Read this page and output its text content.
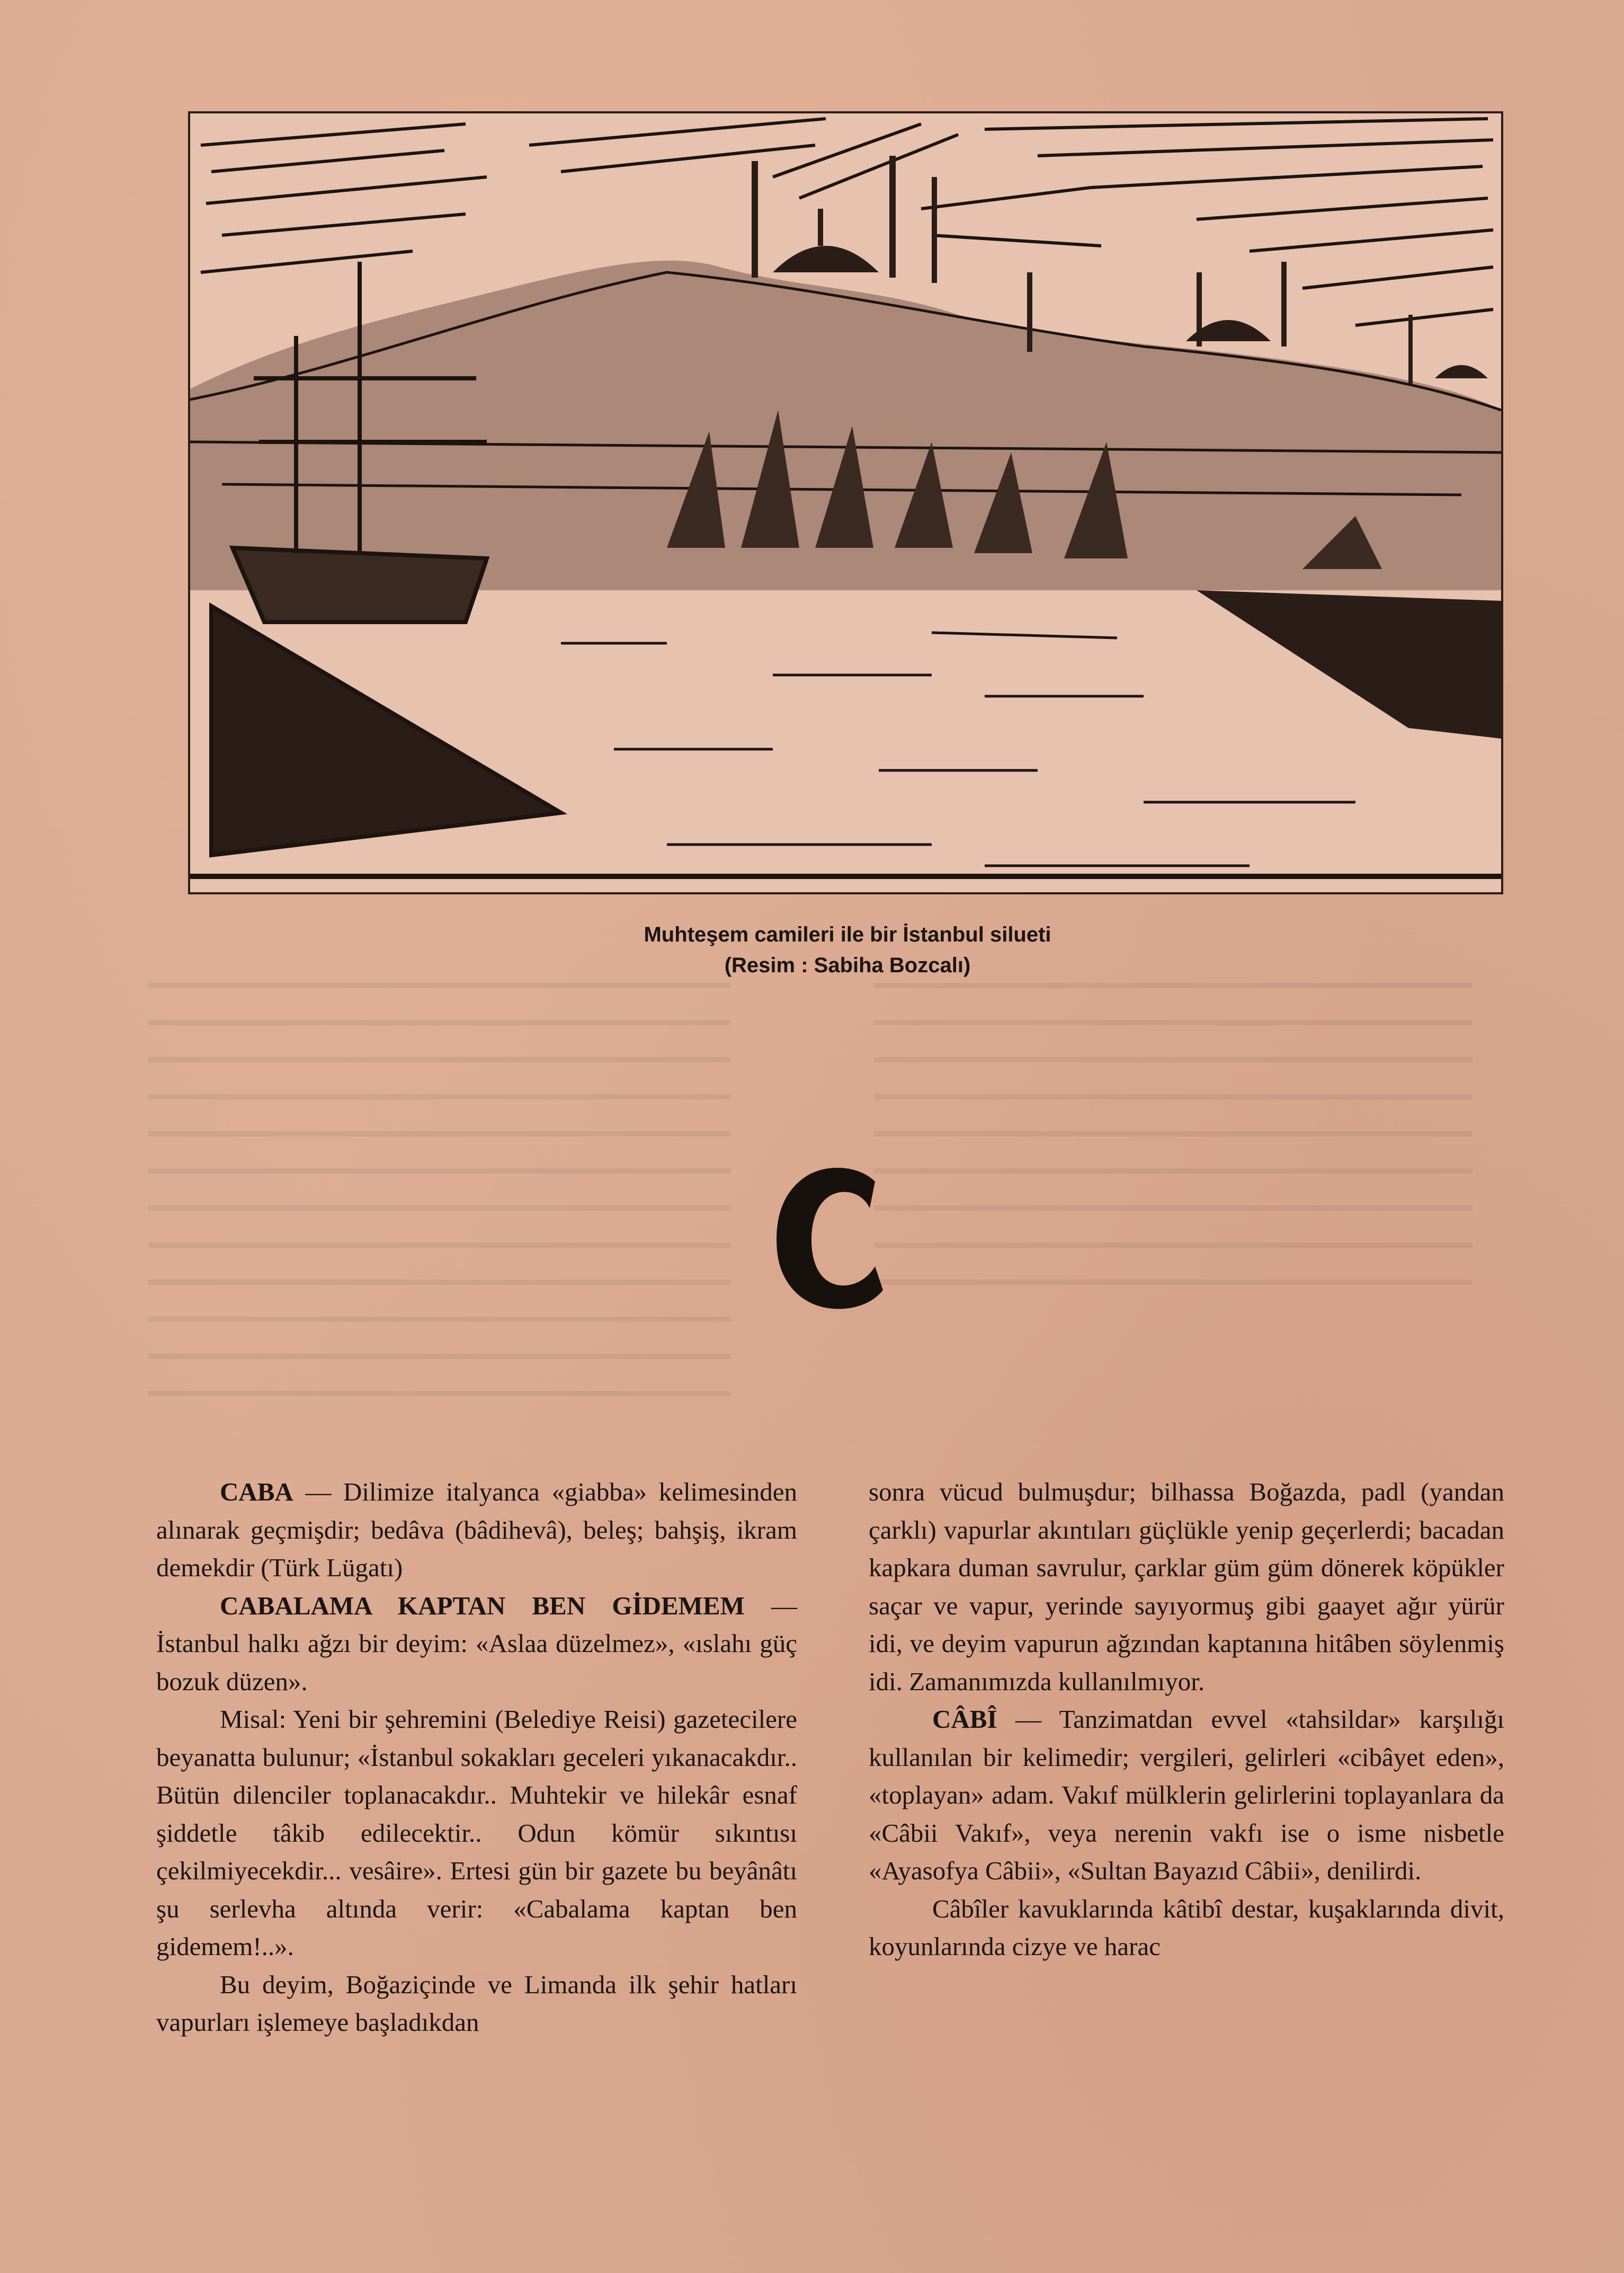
Muhteşem camileri ile bir İstanbul silueti
(Resim : Sabiha Bozcalı)

CABA — Dilimize italyanca «giabba» kelimesinden alınarak geçmişdir; bedâva (bâdihevâ), beleş; bahşiş, ikram demekdir (Türk Lügatı)

CABALAMA KAPTAN BEN GİDEMEM — İstanbul halkı ağzı bir deyim: «Aslaa düzelmez», «ıslahı güç bozuk düzen».

Misal: Yeni bir şehremini (Belediye Reisi) gazetecilere beyanatta bulunur; «İstanbul sokakları geceleri yıkanacakdır.. Bütün dilenciler toplanacakdır.. Muhtekir ve hilekâr esnaf şiddetle tâkib edilecektir.. Odun kömür sıkıntısı çekilmiyecekdir... vesâire». Ertesi gün bir gazete bu beyânâtı şu serlevha altında verir: «Cabalama kaptan ben gidemem!..».

Bu deyim, Boğaziçinde ve Limanda ilk şehir hatları vapurları işlemeye başladıkdan

sonra vücud bulmuşdur; bilhassa Boğazda, padl (yandan çarklı) vapurlar akıntıları güçlükle yenip geçerlerdi; bacadan kapkara duman savrulur, çarklar güm güm dönerek köpükler saçar ve vapur, yerinde sayıyormuş gibi gaayet ağır yürür idi, ve deyim vapurun ağzından kaptanına hitâben söylenmiş idi. Zamanımızda kullanılmıyor.

CÂBÎ — Tanzimatdan evvel «tahsildar» karşılığı kullanılan bir kelimedir; vergileri, gelirleri «cibâyet eden», «toplayan» adam. Vakıf mülklerin gelirlerini toplayanlara da «Câbii Vakıf», veya nerenin vakfı ise o isme nisbetle «Ayasofya Câbii», «Sultan Bayazıd Câbii», denilirdi.

Câbîler kavuklarında kâtibî destar, kuşaklarında divit, koyunlarında cizye ve harac
